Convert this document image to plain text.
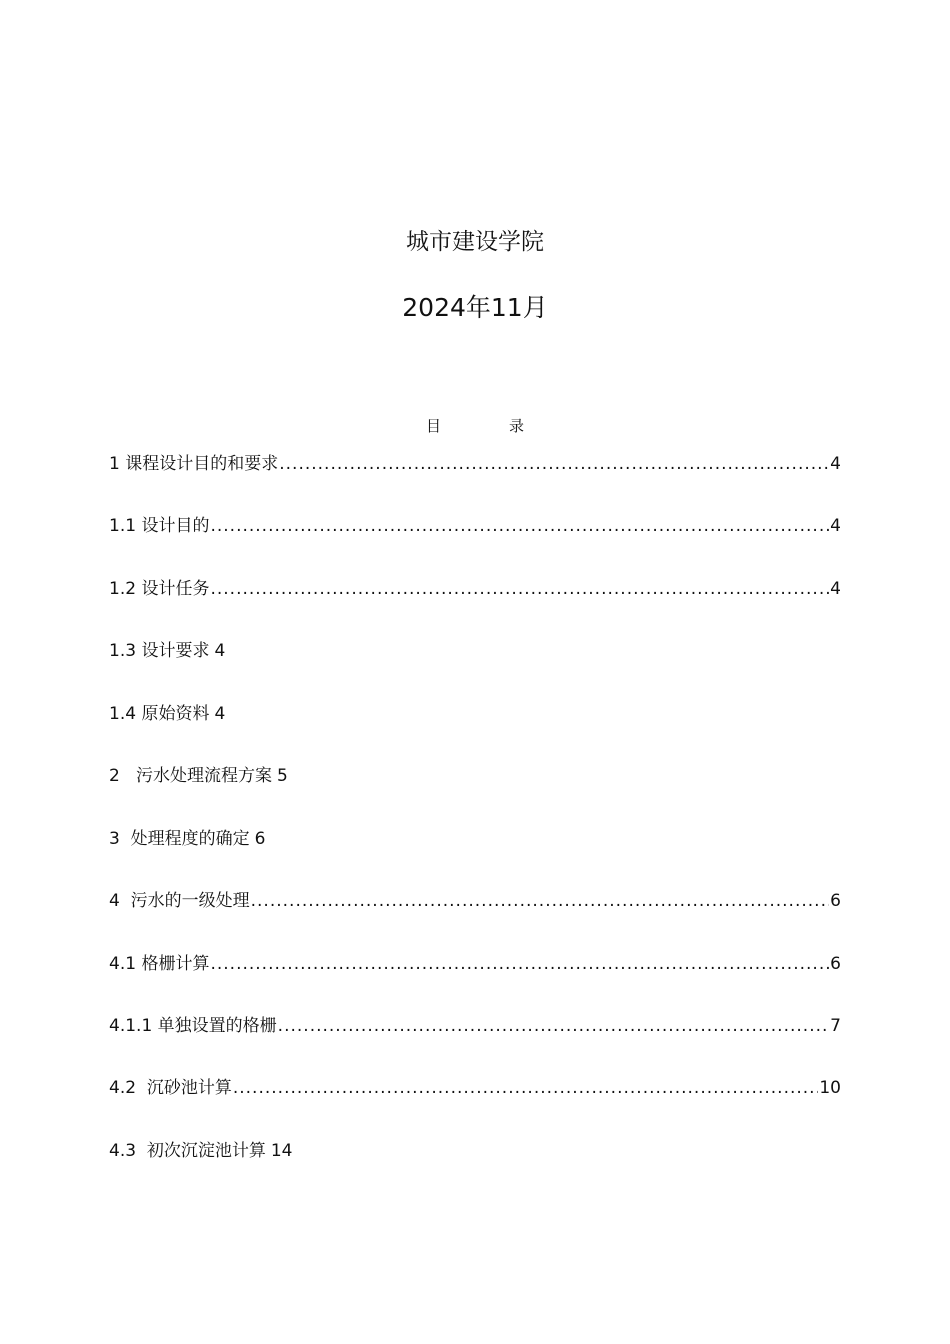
城市建设学院
2024年11月
目	录
1 课程设计目的和要求 .....	4
1.1 设计目的 .....	4
1.2 设计任务 .....	4
1.3 设计要求 4
1.4 原始资料 4
2   污水处理流程方案 5
3  处理程度的确定 6
4  污水的一级处理 .....	6
4.1 格栅计算 .....	6
4.1.1 单独设置的格栅 .....	7
4.2  沉砂池计算 .....	10
4.3  初次沉淀池计算 14
